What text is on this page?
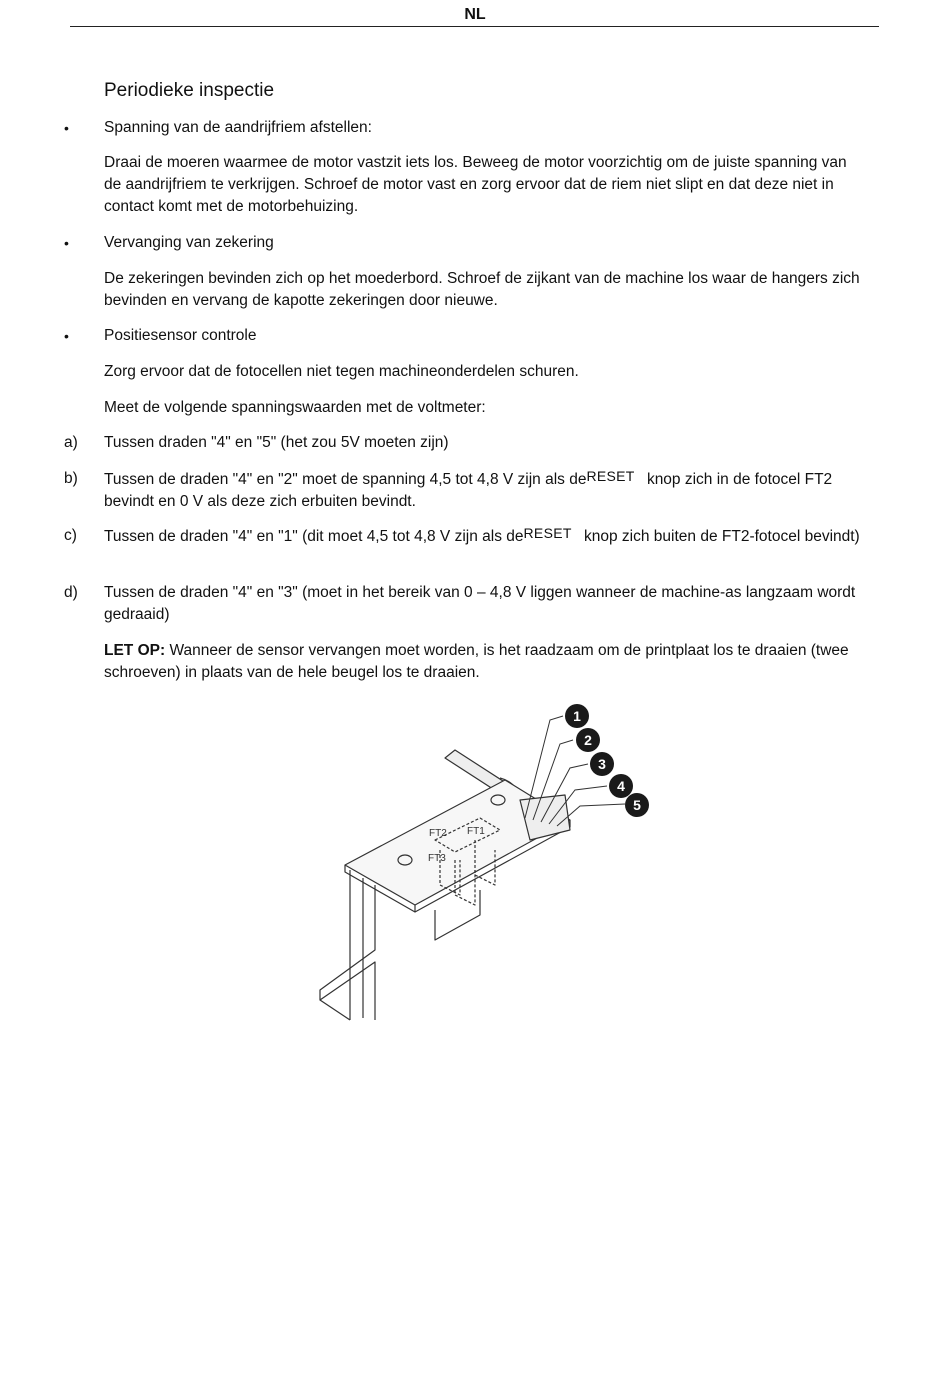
NL
Periodieke inspectie
• Spanning van de aandrijfriem afstellen:
Draai de moeren waarmee de motor vastzit iets los. Beweeg de motor voorzichtig om de juiste spanning van de aandrijfriem te verkrijgen. Schroef de motor vast en zorg ervoor dat de riem niet slipt en dat deze niet in contact komt met de motorbehuizing.
• Vervanging van zekering
De zekeringen bevinden zich op het moederbord. Schroef de zijkant van de machine los waar de hangers zich bevinden en vervang de kapotte zekeringen door nieuwe.
• Positiesensor controle
Zorg ervoor dat de fotocellen niet tegen machineonderdelen schuren.
Meet de volgende spanningswaarden met de voltmeter:
a) Tussen draden "4" en "5" (het zou 5V moeten zijn)
b) Tussen de draden "4" en "2" moet de spanning 4,5 tot 4,8 V zijn als deRESET knop zich in de fotocel FT2 bevindt en 0 V als deze zich erbuiten bevindt.
c) Tussen de draden "4" en "1" (dit moet 4,5 tot 4,8 V zijn als deRESET knop zich buiten de FT2-fotocel bevindt)
d) Tussen de draden "4" en "3" (moet in het bereik van 0 – 4,8 V liggen wanneer de machine-as langzaam wordt gedraaid)
LET OP: Wanneer de sensor vervangen moet worden, is het raadzaam om de printplaat los te draaien (twee schroeven) in plaats van de hele beugel los te draaien.
FT2 FT1
FT3
1
2
3
4
5
